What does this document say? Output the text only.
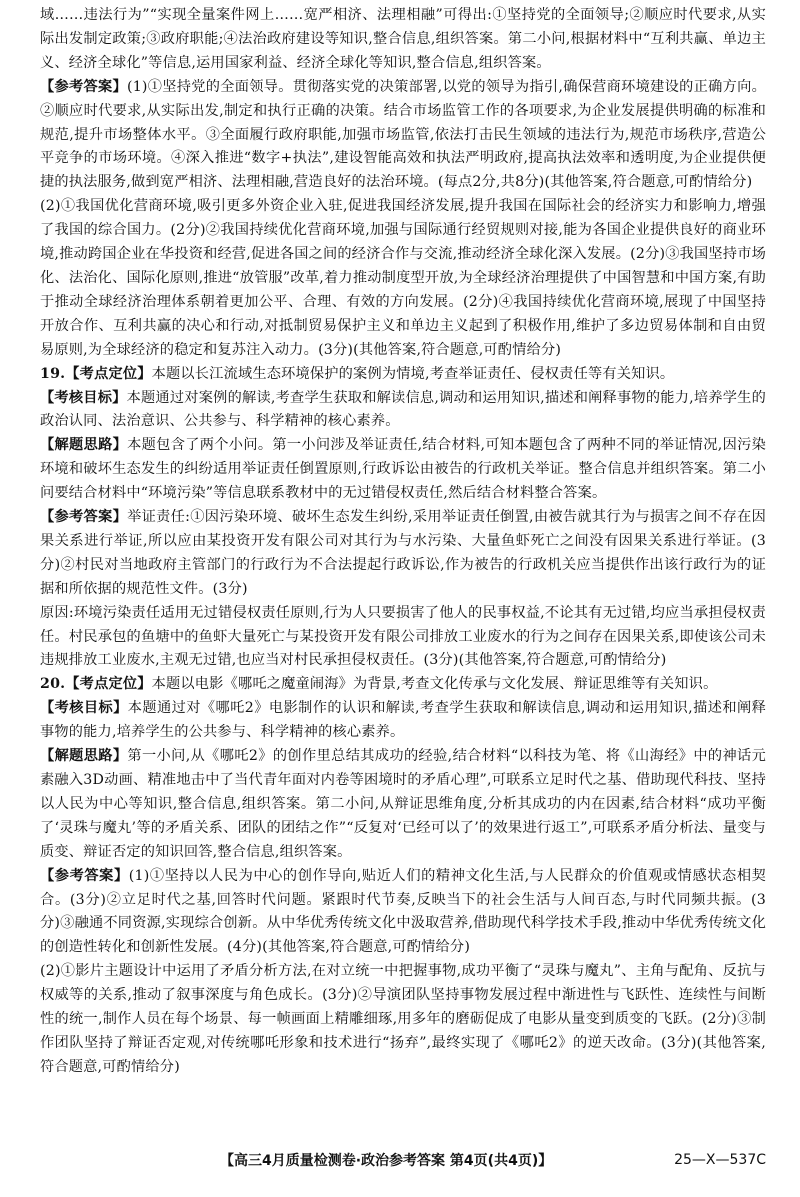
域……违法行为”“实现全量案件网上……宽严相济、法理相融”可得出:①坚持党的全面领导;②顺应时代要求,从实际出发制定政策;③政府职能;④法治政府建设等知识,整合信息,组织答案。第二小问,根据材料中“互利共赢、单边主义、经济全球化”等信息,运用国家利益、经济全球化等知识,整合信息,组织答案。

【参考答案】(1)①坚持党的全面领导。贯彻落实党的决策部署,以党的领导为指引,确保营商环境建设的正确方向。②顺应时代要求,从实际出发,制定和执行正确的决策。结合市场监管工作的各项要求,为企业发展提供明确的标准和规范,提升市场整体水平。③全面履行政府职能,加强市场监管,依法打击民生领域的违法行为,规范市场秩序,营造公平竞争的市场环境。④深入推进“数字+执法”,建设智能高效和执法严明政府,提高执法效率和透明度,为企业提供便捷的执法服务,做到宽严相济、法理相融,营造良好的法治环境。(每点2分,共8分)(其他答案,符合题意,可酌情给分)

(2)①我国优化营商环境,吸引更多外资企业入驻,促进我国经济发展,提升我国在国际社会的经济实力和影响力,增强了我国的综合国力。(2分)②我国持续优化营商环境,加强与国际通行经贸规则对接,能为各国企业提供良好的商业环境,推动跨国企业在华投资和经营,促进各国之间的经济合作与交流,推动经济全球化深入发展。(2分)③我国坚持市场化、法治化、国际化原则,推进“放管服”改革,着力推动制度型开放,为全球经济治理提供了中国智慧和中国方案,有助于推动全球经济治理体系朝着更加公平、合理、有效的方向发展。(2分)④我国持续优化营商环境,展现了中国坚持开放合作、互利共赢的决心和行动,对抵制贸易保护主义和单边主义起到了积极作用,维护了多边贸易体制和自由贸易原则,为全球经济的稳定和复苏注入动力。(3分)(其他答案,符合题意,可酌情给分)

19.【考点定位】本题以长江流域生态环境保护的案例为情境,考查举证责任、侵权责任等有关知识。

【考核目标】本题通过对案例的解读,考查学生获取和解读信息,调动和运用知识,描述和阐释事物的能力,培养学生的政治认同、法治意识、公共参与、科学精神的核心素养。

【解题思路】本题包含了两个小问。第一小问涉及举证责任,结合材料,可知本题包含了两种不同的举证情况,因污染环境和破坏生态发生的纠纷适用举证责任倒置原则,行政诉讼由被告的行政机关举证。整合信息并组织答案。第二小问要结合材料中“环境污染”等信息联系教材中的无过错侵权责任,然后结合材料整合答案。

【参考答案】举证责任:①因污染环境、破坏生态发生纠纷,采用举证责任倒置,由被告就其行为与损害之间不存在因果关系进行举证,所以应由某投资开发有限公司对其行为与水污染、大量鱼虾死亡之间没有因果关系进行举证。(3分)②村民对当地政府主管部门的行政行为不合法提起行政诉讼,作为被告的行政机关应当提供作出该行政行为的证据和所依据的规范性文件。(3分)

原因:环境污染责任适用无过错侵权责任原则,行为人只要损害了他人的民事权益,不论其有无过错,均应当承担侵权责任。村民承包的鱼塘中的鱼虾大量死亡与某投资开发有限公司排放工业废水的行为之间存在因果关系,即使该公司未违规排放工业废水,主观无过错,也应当对村民承担侵权责任。(3分)(其他答案,符合题意,可酌情给分)

20.【考点定位】本题以电影《哪吒之魔童闹海》为背景,考查文化传承与文化发展、辩证思维等有关知识。

【考核目标】本题通过对《哪吒2》电影制作的认识和解读,考查学生获取和解读信息,调动和运用知识,描述和阐释事物的能力,培养学生的公共参与、科学精神的核心素养。

【解题思路】第一小问,从《哪吒2》的创作里总结其成功的经验,结合材料“以科技为笔、将《山海经》中的神话元素融入3D动画、精准地击中了当代青年面对内卷等困境时的矛盾心理”,可联系立足时代之基、借助现代科技、坚持以人民为中心等知识,整合信息,组织答案。第二小问,从辩证思维角度,分析其成功的内在因素,结合材料“成功平衡了‘灵珠与魔丸’等的矛盾关系、团队的团结之作”“反复对‘已经可以了’的效果进行返工”,可联系矛盾分析法、量变与质变、辩证否定的知识回答,整合信息,组织答案。

【参考答案】(1)①坚持以人民为中心的创作导向,贴近人们的精神文化生活,与人民群众的价值观或情感状态相契合。(3分)②立足时代之基,回答时代问题。紧跟时代节奏,反映当下的社会生活与人间百态,与时代同频共振。(3分)③融通不同资源,实现综合创新。从中华优秀传统文化中汲取营养,借助现代科学技术手段,推动中华优秀传统文化的创造性转化和创新性发展。(4分)(其他答案,符合题意,可酌情给分)

(2)①影片主题设计中运用了矛盾分析方法,在对立统一中把握事物,成功平衡了“灵珠与魔丸”、主角与配角、反抗与权威等的关系,推动了叙事深度与角色成长。(3分)②导演团队坚持事物发展过程中渐进性与飞跃性、连续性与间断性的统一,制作人员在每个场景、每一帧画面上精雕细琢,用多年的磨砺促成了电影从量变到质变的飞跃。(2分)③制作团队坚持了辩证否定观,对传统哪吒形象和技术进行“扬弃”,最终实现了《哪吒2》的逆天改命。(3分)(其他答案,符合题意,可酌情给分)

【高三4月质量检测卷·政治参考答案 第4页(共4页)】	25—X—537C
